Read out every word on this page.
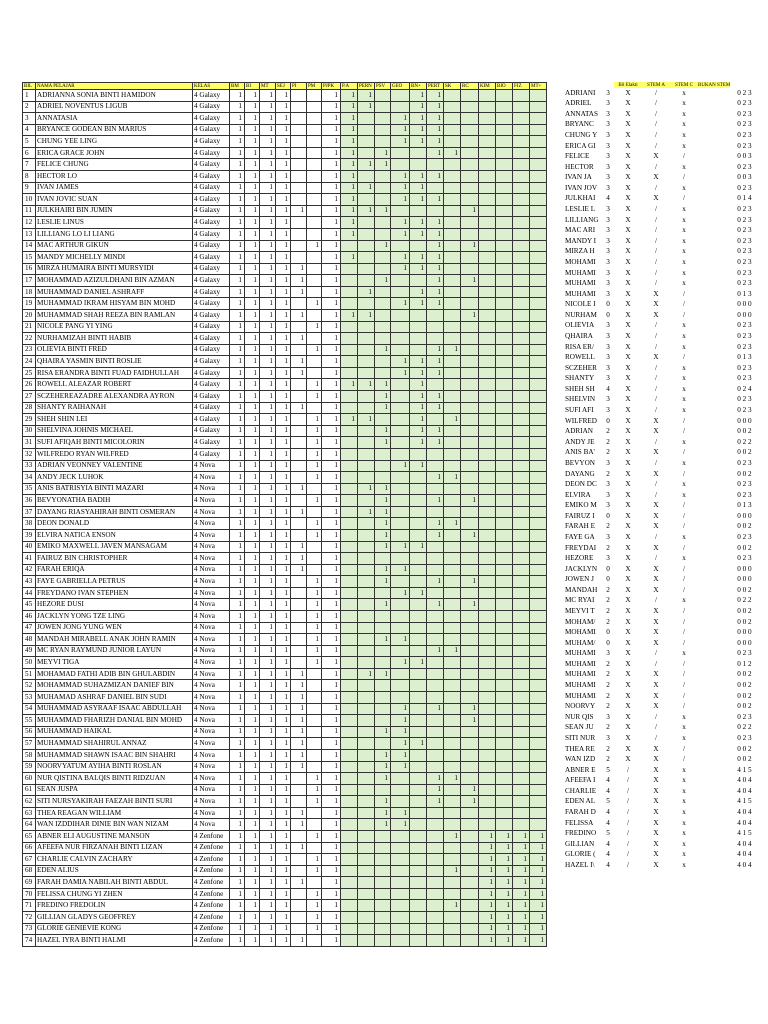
BIL	NAMA PELAJAR	KELAS	BM	BI	MT	SEJ	PI	PM	PJPK	P.A	PERN	PSV	GEO	BN+	PERT	SK	RC	KIM	BIO	FIZ	MT+
1	ADRIANNA SONIA BINTI HAMIDON	4 Galaxy	1	1	1	1			1	1	1			1	1						
2	ADRIEL NOVENTUS LIGUB	4 Galaxy	1	1	1	1			1	1	1			1	1						
3	ANNATASIA	4 Galaxy	1	1	1	1			1	1			1	1	1						
4	BRYANCE GODEAN BIN MARIUS	4 Galaxy	1	1	1	1			1	1			1	1	1						
5	CHUNG YEE LING	4 Galaxy	1	1	1	1			1	1			1	1	1						
6	ERICA GRACE JOHN	4 Galaxy	1	1	1	1			1	1		1			1	1					
7	FELICE CHUNG	4 Galaxy	1	1	1	1			1	1	1	1									
8	HECTOR LO	4 Galaxy	1	1	1	1			1	1			1	1	1						
9	IVAN JAMES	4 Galaxy	1	1	1	1			1	1	1		1	1							
10	IVAN JOVIC SUAN	4 Galaxy	1	1	1	1			1	1			1	1	1						
11	JULKHAIRI BIN JUMIN	4 Galaxy	1	1	1	1	1		1	1	1	1					1				
12	LESLIE LINUS	4 Galaxy	1	1	1	1			1	1			1	1	1						
13	LILLIANG LO LI LIANG	4 Galaxy	1	1	1	1			1	1			1	1	1						
14	MAC ARTHUR GIKUN	4 Galaxy	1	1	1	1		1	1			1			1		1				
15	MANDY MICHELLY MINDI	4 Galaxy	1	1	1	1			1	1			1	1	1						
16	MIRZA HUMAIRA BINTI MURSYIDI	4 Galaxy	1	1	1	1	1		1				1	1	1						
17	MOHAMMAD AZIZULDHANI BIN AZMAN	4 Galaxy	1	1	1	1	1		1			1			1		1				
18	MUHAMMAD DANIEL ASHRAFF	4 Galaxy	1	1	1	1	1		1		1			1	1						
19	MUHAMMAD IKRAM HISYAM BIN MOHD	4 Galaxy	1	1	1	1		1	1				1	1	1						
20	MUHAMMAD SHAH REEZA BIN RAMLAN	4 Galaxy	1	1	1	1	1		1	1	1						1				
21	NICOLE PANG YI YING	4 Galaxy	1	1	1	1		1	1												
22	NURHAMIZAH BINTI HABIB	4 Galaxy	1	1	1	1	1		1												
23	OLIEVIA BINTI FRED	4 Galaxy	1	1	1	1		1	1			1			1	1					
24	QHAIRA YASMIN BINTI ROSLIE	4 Galaxy	1	1	1	1	1		1				1	1	1						
25	RISA ERANDRA BINTI FUAD FAIDHULLAH	4 Galaxy	1	1	1	1	1		1				1	1	1						
26	ROWELL ALEAZAR ROBERT	4 Galaxy	1	1	1	1		1	1	1	1	1		1							
27	SCZEHEREAZADRE ALEXANDRA AYRON	4 Galaxy	1	1	1	1		1	1			1		1	1						
28	SHANTY RAIHANAH	4 Galaxy	1	1	1	1	1		1			1		1	1						
29	SHEH SHIN LEI	4 Galaxy	1	1	1	1		1	1	1	1			1		1					
30	SHELVINA JOHNIS MICHAEL	4 Galaxy	1	1	1	1		1	1			1		1	1						
31	SUFI AFIQAH BINTI MICOLORIN	4 Galaxy	1	1	1	1		1	1			1		1	1						
32	WILFREDO RYAN WILFRED	4 Galaxy	1	1	1	1		1	1												
33	ADRIAN VEONNEY VALENTINE	4 Nova	1	1	1	1		1	1				1	1							
34	ANDY JECK LUHOK	4 Nova	1	1	1	1		1	1						1	1					
35	ANIS BATRISYIA BINTI MAZARI	4 Nova	1	1	1	1	1		1		1	1									
36	BEVYONATHA BADIH	4 Nova	1	1	1	1		1	1			1			1		1				
37	DAYANG RIASYAHIRAH BINTI OSMERAN	4 Nova	1	1	1	1	1		1		1	1									
38	DEON DONALD	4 Nova	1	1	1	1		1	1			1			1	1					
39	ELVIRA NATICA ENSON	4 Nova	1	1	1	1		1	1			1			1		1				
40	EMIKO MAXWELL JAVEN MANSAGAM	4 Nova	1	1	1	1	1		1			1	1	1							
41	FAIRUZ BIN CHRISTOPHER	4 Nova	1	1	1	1	1		1												
42	FARAH ERIQA	4 Nova	1	1	1	1	1		1			1	1								
43	FAYE GABRIELLA PETRUS	4 Nova	1	1	1	1		1	1			1			1		1				
44	FREYDANO IVAN STEPHEN	4 Nova	1	1	1	1		1	1				1	1							
45	HEZORE DUSI	4 Nova	1	1	1	1		1	1			1			1		1				
46	JACKLYN YONG TZE LING	4 Nova	1	1	1	1		1	1												
47	JOWEN JONG YUNG WEN	4 Nova	1	1	1	1		1	1												
48	MANDAH MIRABELL ANAK JOHN RAMIN	4 Nova	1	1	1	1		1	1			1	1								
49	MC RYAN RAYMUND JUNIOR LAYUN	4 Nova	1	1	1	1		1	1						1	1					
50	MEYVI TIGA	4 Nova	1	1	1	1		1	1				1	1							
51	MOHAMAD FATHI ADIB BIN GHULABDIN	4 Nova	1	1	1	1	1		1		1	1									
52	MOHAMMAD SUHAZMIZAN DANIEF BIN	4 Nova	1	1	1	1	1		1												
53	MUHAMAD ASHRAF DANIEL BIN SUDI	4 Nova	1	1	1	1	1		1												
54	MUHAMMAD ASYRAAF ISAAC ABDULLAH	4 Nova	1	1	1	1	1		1				1		1		1				
55	MUHAMMAD FHARIZH DANIAL BIN MOHD	4 Nova	1	1	1	1	1		1				1				1				
56	MUHAMMAD HAIKAL	4 Nova	1	1	1	1	1		1			1	1								
57	MUHAMMAD SHAHIRUL ANNAZ	4 Nova	1	1	1	1	1		1				1	1							
58	MUHAMMAD SHAWN ISAAC BIN SHAHRI	4 Nova	1	1	1	1	1		1			1	1								
59	NOORVYATUM AYIHA BINTI ROSLAN	4 Nova	1	1	1	1	1		1			1	1								
60	NUR QISTINA BALQIS BINTI RIDZUAN	4 Nova	1	1	1	1		1	1			1			1	1					
61	SEAN JUSPA	4 Nova	1	1	1	1		1	1						1		1				
62	SITI NURSYAKIRAH FAEZAH BINTI SURI	4 Nova	1	1	1	1		1	1			1			1		1				
63	THEA REAGAN WILLIAM	4 Nova	1	1	1	1	1		1			1	1								
64	WAN IZDDIHAR DINIE BIN WAN NIZAM	4 Nova	1	1	1	1	1		1			1	1								
65	ABNER ELI AUGUSTINE MANSON	4 Zenfone	1	1	1	1		1	1							1		1	1	1	1
66	AFEEFA NUR FIRZANAH BINTI LIZAN	4 Zenfone	1	1	1	1	1		1									1	1	1	1
67	CHARLIE CALVIN ZACHARY	4 Zenfone	1	1	1	1		1	1									1	1	1	1
68	EDEN ALIUS	4 Zenfone	1	1	1	1		1	1							1		1	1	1	1
69	FARAH DAMIA NABILAH BINTI ABDUL	4 Zenfone	1	1	1	1	1		1									1	1	1	1
70	FELISSA CHUNG YI ZHEN	4 Zenfone	1	1	1	1		1	1									1	1	1	1
71	FREDINO FREDOLIN	4 Zenfone	1	1	1	1		1	1							1		1	1	1	1
72	GILLIAN GLADYS GEOFFREY	4 Zenfone	1	1	1	1		1	1									1	1	1	1
73	GLORIE GENIEVIE KONG	4 Zenfone	1	1	1	1		1	1									1	1	1	1
74	HAZEL IYRA BINTI HALMI	4 Zenfone	1	1	1	1	1		1									1	1	1	1
		Bil Elakti	STEM A	STEM C	BUKAN STEM	
ADRIANI	3	X	/	x		0 2 3
ADRIEL	3	X	/	x		0 2 3
ANNATAS	3	X	/	x		0 2 3
BRYANC	3	X	/	x		0 2 3
CHUNG Y	3	X	/	x		0 2 3
ERICA GI	3	X	/	x		0 2 3
FELICE	3	X	X	/		0 0 3
HECTOR	3	X	/	x		0 2 3
IVAN JA	3	X	X	/		0 0 3
IVAN JOV	3	X	/	x		0 2 3
JULKHAI	4	X	X	/		0 1 4
LESLIE L	3	X	/	x		0 2 3
LILLIANG	3	X	/	x		0 2 3
MAC ARI	3	X	/	x		0 2 3
MANDY I	3	X	/	x		0 2 3
MIRZA H	3	X	/	x		0 2 3
MOHAMI	3	X	/	x		0 2 3
MUHAMI	3	X	/	x		0 2 3
MUHAMI	3	X	/	x		0 2 3
MUHAMI	3	X	X	/		0 1 3
NICOLE I	0	X	X	/		0 0 0
NURHAM	0	X	X	/		0 0 0
OLIEVIA	3	X	/	x		0 2 3
QHAIRA	3	X	/	x		0 2 3
RISA ER/	3	X	/	x		0 2 3
ROWELL	3	X	X	/		0 1 3
SCZEHER	3	X	/	x		0 2 3
SHANTY	3	X	/	x		0 2 3
SHEH SH	4	X	/	x		0 2 4
SHELVIN	3	X	/	x		0 2 3
SUFI AFI	3	X	/	x		0 2 3
WILFRED	0	X	X	/		0 0 0
ADRIAN	2	X	X	/		0 0 2
ANDY JE	2	X	/	x		0 2 2
ANIS BA'	2	X	X	/		0 0 2
BEVYON	3	X	/	x		0 2 3
DAYANG	2	X	X	/		0 0 2
DEON DC	3	X	/	x		0 2 3
ELVIRA	3	X	/	x		0 2 3
EMIKO M	3	X	X	/		0 1 3
FAIRUZ I	0	X	X	/		0 0 0
FARAH E	2	X	X	/		0 0 2
FAYE GA	3	X	/	x		0 2 3
FREYDAI	2	X	X	/		0 0 2
HEZORE	3	X	/	x		0 2 3
JACKLYN	0	X	X	/		0 0 0
JOWEN J	0	X	X	/		0 0 0
MANDAH	2	X	X	/		0 0 2
MC RYAI	2	X	/	x		0 2 2
MEYVI T	2	X	X	/		0 0 2
MOHAM/	2	X	X	/		0 0 2
MOHAMI	0	X	X	/		0 0 0
MUHAM/	0	X	X	/		0 0 0
MUHAMI	3	X	/	x		0 2 3
MUHAMI	2	X	/	/		0 1 2
MUHAMI	2	X	X	/		0 0 2
MUHAMI	2	X	X	/		0 0 2
MUHAMI	2	X	X	/		0 0 2
NOORVY	2	X	X	/		0 0 2
NUR QIS	3	X	/	x		0 2 3
SEAN JU	2	X	/	x		0 2 2
SITI NUR	3	X	/	x		0 2 3
THEA RE	2	X	X	/		0 0 2
WAN IZD	2	X	X	/		0 0 2
ABNER E	5	/	X	x		4 1 5
AFEEFA I	4	/	X	x		4 0 4
CHARLIE	4	/	X	x		4 0 4
EDEN AL	5	/	X	x		4 1 5
FARAH D	4	/	X	x		4 0 4
FELISSA	4	/	X	x		4 0 4
FREDINO	5	/	X	x		4 1 5
GILLIAN	4	/	X	x		4 0 4
GLORIE (	4	/	X	x		4 0 4
HAZEL I\	4	/	X	x		4 0 4
